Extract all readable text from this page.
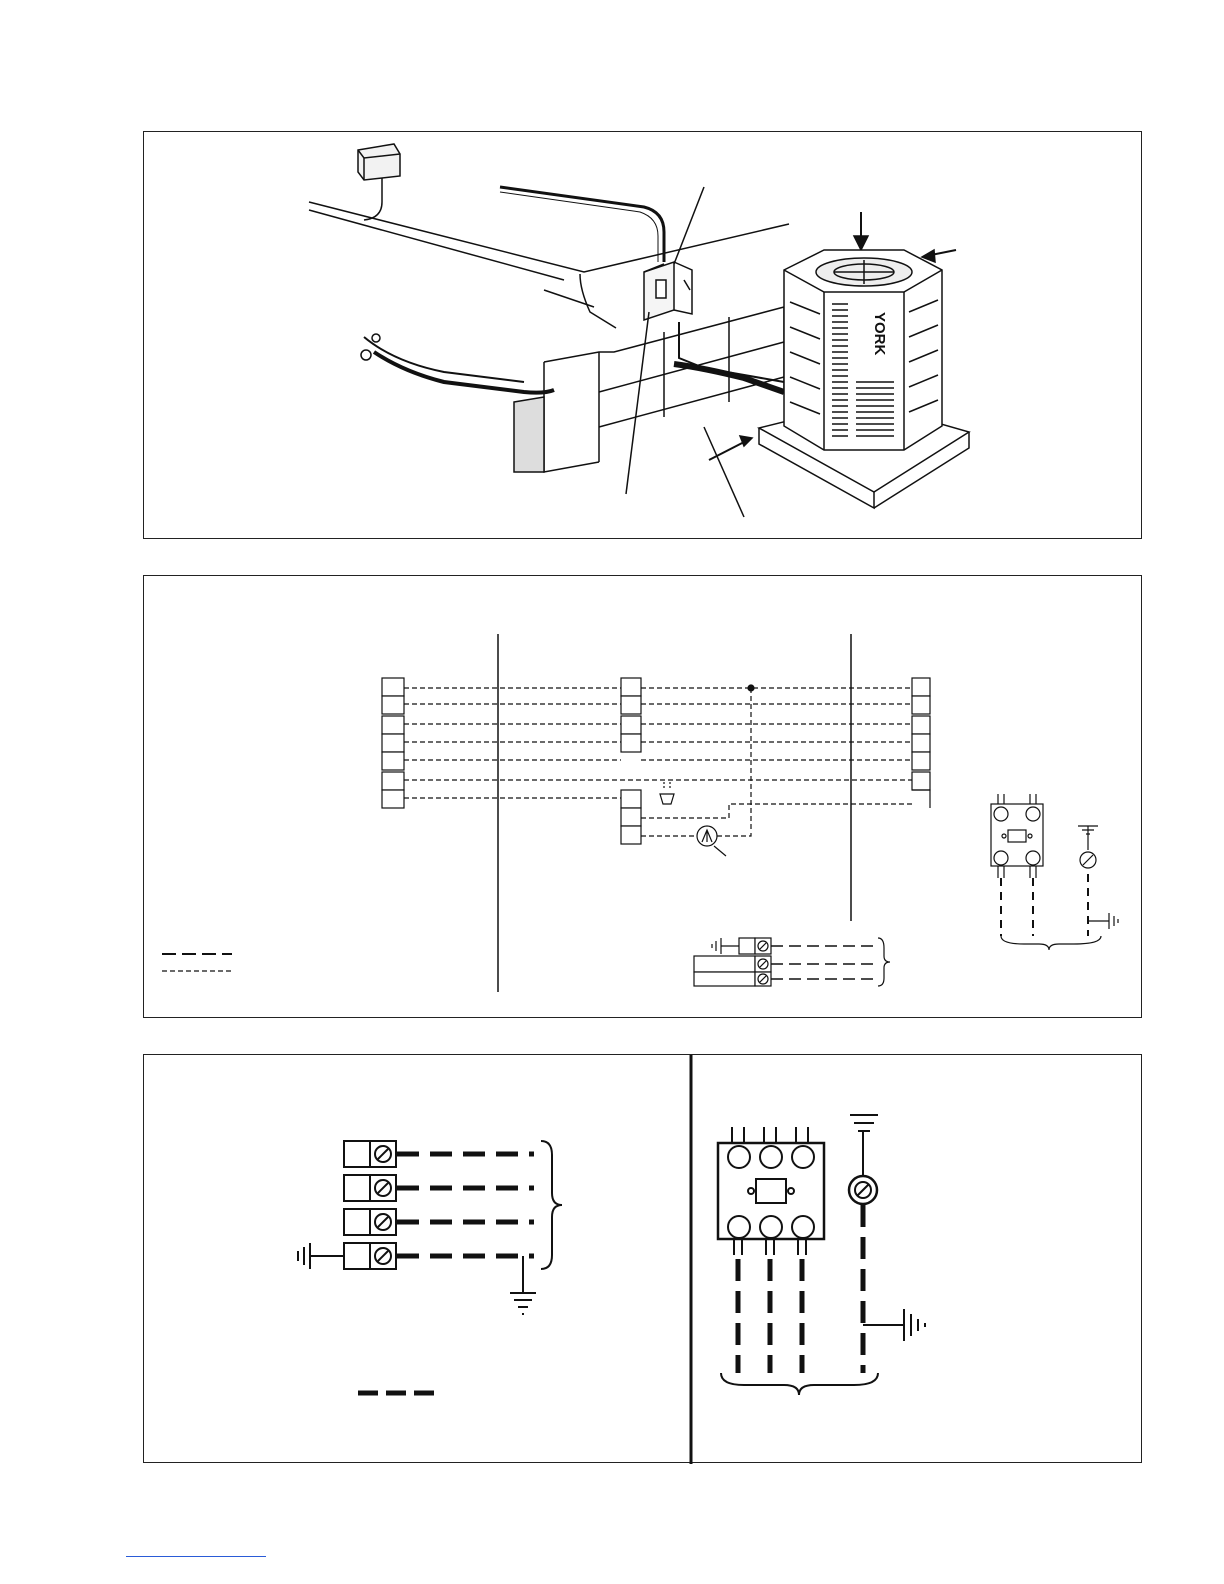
YORK
